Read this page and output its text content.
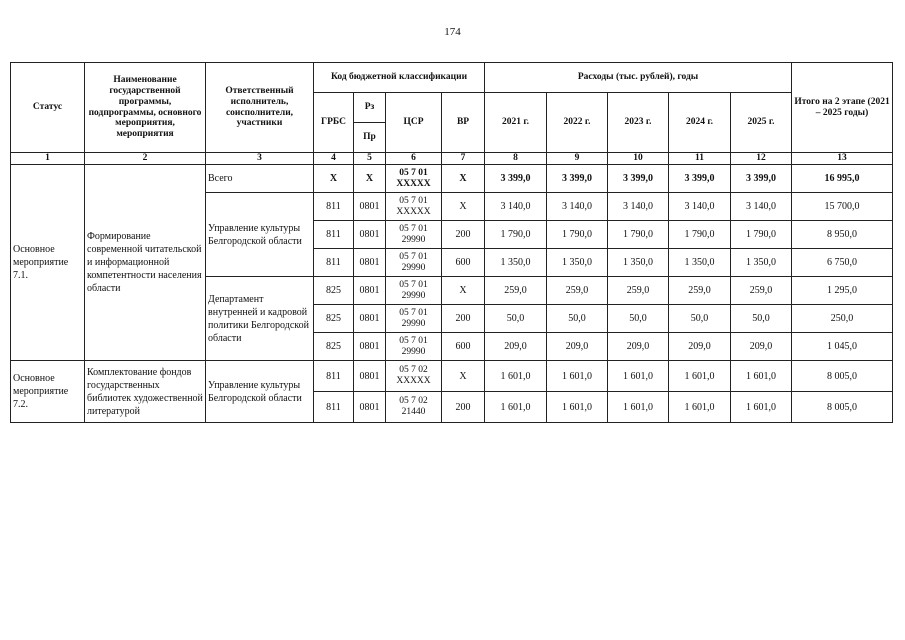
174
Статус	Наименование государственной программы, подпрограммы, основного мероприятия, мероприятия	Ответственный исполнитель, соисполнители, участники	Код бюджетной классификации				Расходы (тыс. рублей), годы					Итого на 2 этапе (2021 – 2025 годы)
			ГРБС	Рз	ЦСР	ВР	2021 г.	2022 г.	2023 г.	2024 г.	2025 г.	
				Пр								
1	2	3	4	5	6	7	8	9	10	11	12	13
Основное мероприятие 7.1.	Формирование современной читательской и информационной компетентности населения области	Всего	Х	Х	05 7 01 ХХХХХ	Х	3 399,0	3 399,0	3 399,0	3 399,0	3 399,0	16 995,0
		Управление культуры Белгородской области	811	0801	05 7 01 ХХХХХ	Х	3 140,0	3 140,0	3 140,0	3 140,0	3 140,0	15 700,0
			811	0801	05 7 01 29990	200	1 790,0	1 790,0	1 790,0	1 790,0	1 790,0	8 950,0
			811	0801	05 7 01 29990	600	1 350,0	1 350,0	1 350,0	1 350,0	1 350,0	6 750,0
		Департамент внутренней и кадровой политики Белгородской области	825	0801	05 7 01 29990	Х	259,0	259,0	259,0	259,0	259,0	1 295,0
			825	0801	05 7 01 29990	200	50,0	50,0	50,0	50,0	50,0	250,0
			825	0801	05 7 01 29990	600	209,0	209,0	209,0	209,0	209,0	1 045,0
Основное мероприятие 7.2.	Комплектование фондов государственных библиотек художественной литературой	Управление культуры Белгородской области	811	0801	05 7 02 ХХХХХ	Х	1 601,0	1 601,0	1 601,0	1 601,0	1 601,0	8 005,0
			811	0801	05 7 02 21440	200	1 601,0	1 601,0	1 601,0	1 601,0	1 601,0	8 005,0
